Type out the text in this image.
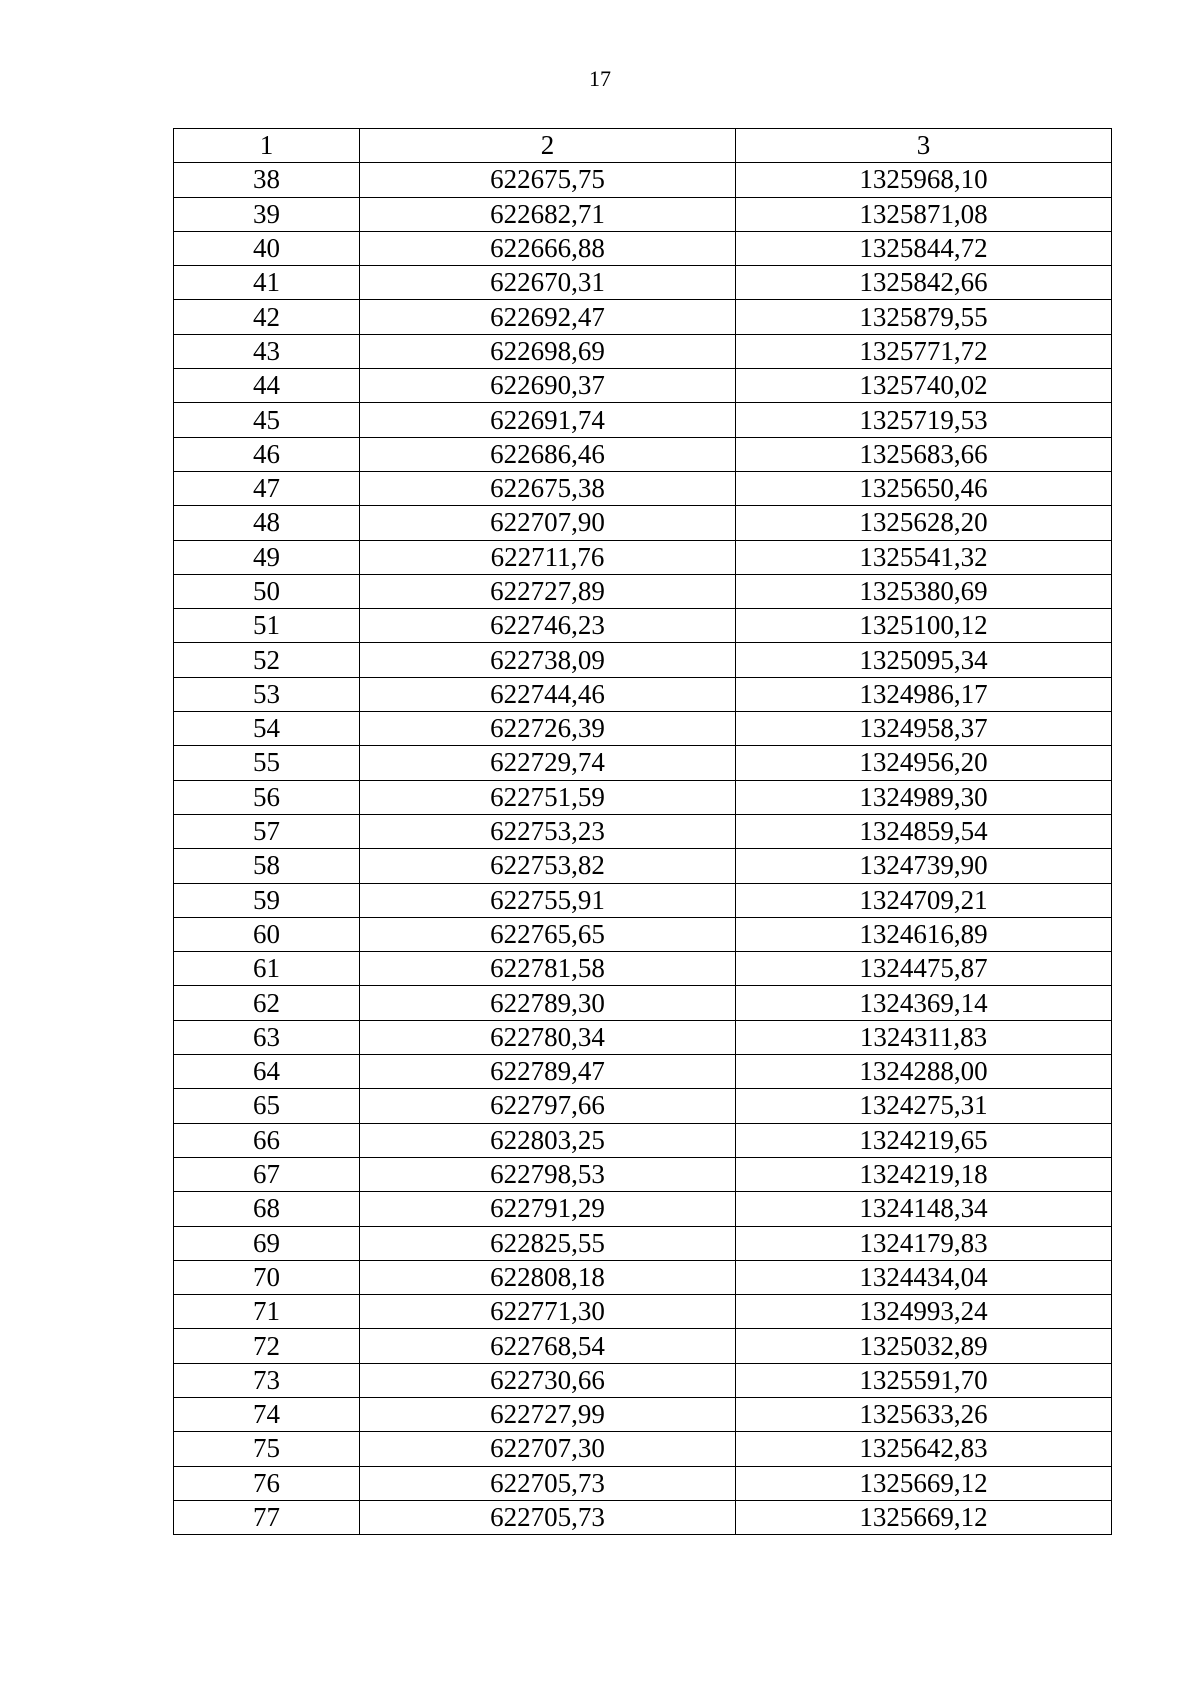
17
1	2	3
38	622675,75	1325968,10
39	622682,71	1325871,08
40	622666,88	1325844,72
41	622670,31	1325842,66
42	622692,47	1325879,55
43	622698,69	1325771,72
44	622690,37	1325740,02
45	622691,74	1325719,53
46	622686,46	1325683,66
47	622675,38	1325650,46
48	622707,90	1325628,20
49	622711,76	1325541,32
50	622727,89	1325380,69
51	622746,23	1325100,12
52	622738,09	1325095,34
53	622744,46	1324986,17
54	622726,39	1324958,37
55	622729,74	1324956,20
56	622751,59	1324989,30
57	622753,23	1324859,54
58	622753,82	1324739,90
59	622755,91	1324709,21
60	622765,65	1324616,89
61	622781,58	1324475,87
62	622789,30	1324369,14
63	622780,34	1324311,83
64	622789,47	1324288,00
65	622797,66	1324275,31
66	622803,25	1324219,65
67	622798,53	1324219,18
68	622791,29	1324148,34
69	622825,55	1324179,83
70	622808,18	1324434,04
71	622771,30	1324993,24
72	622768,54	1325032,89
73	622730,66	1325591,70
74	622727,99	1325633,26
75	622707,30	1325642,83
76	622705,73	1325669,12
77	622705,73	1325669,12
